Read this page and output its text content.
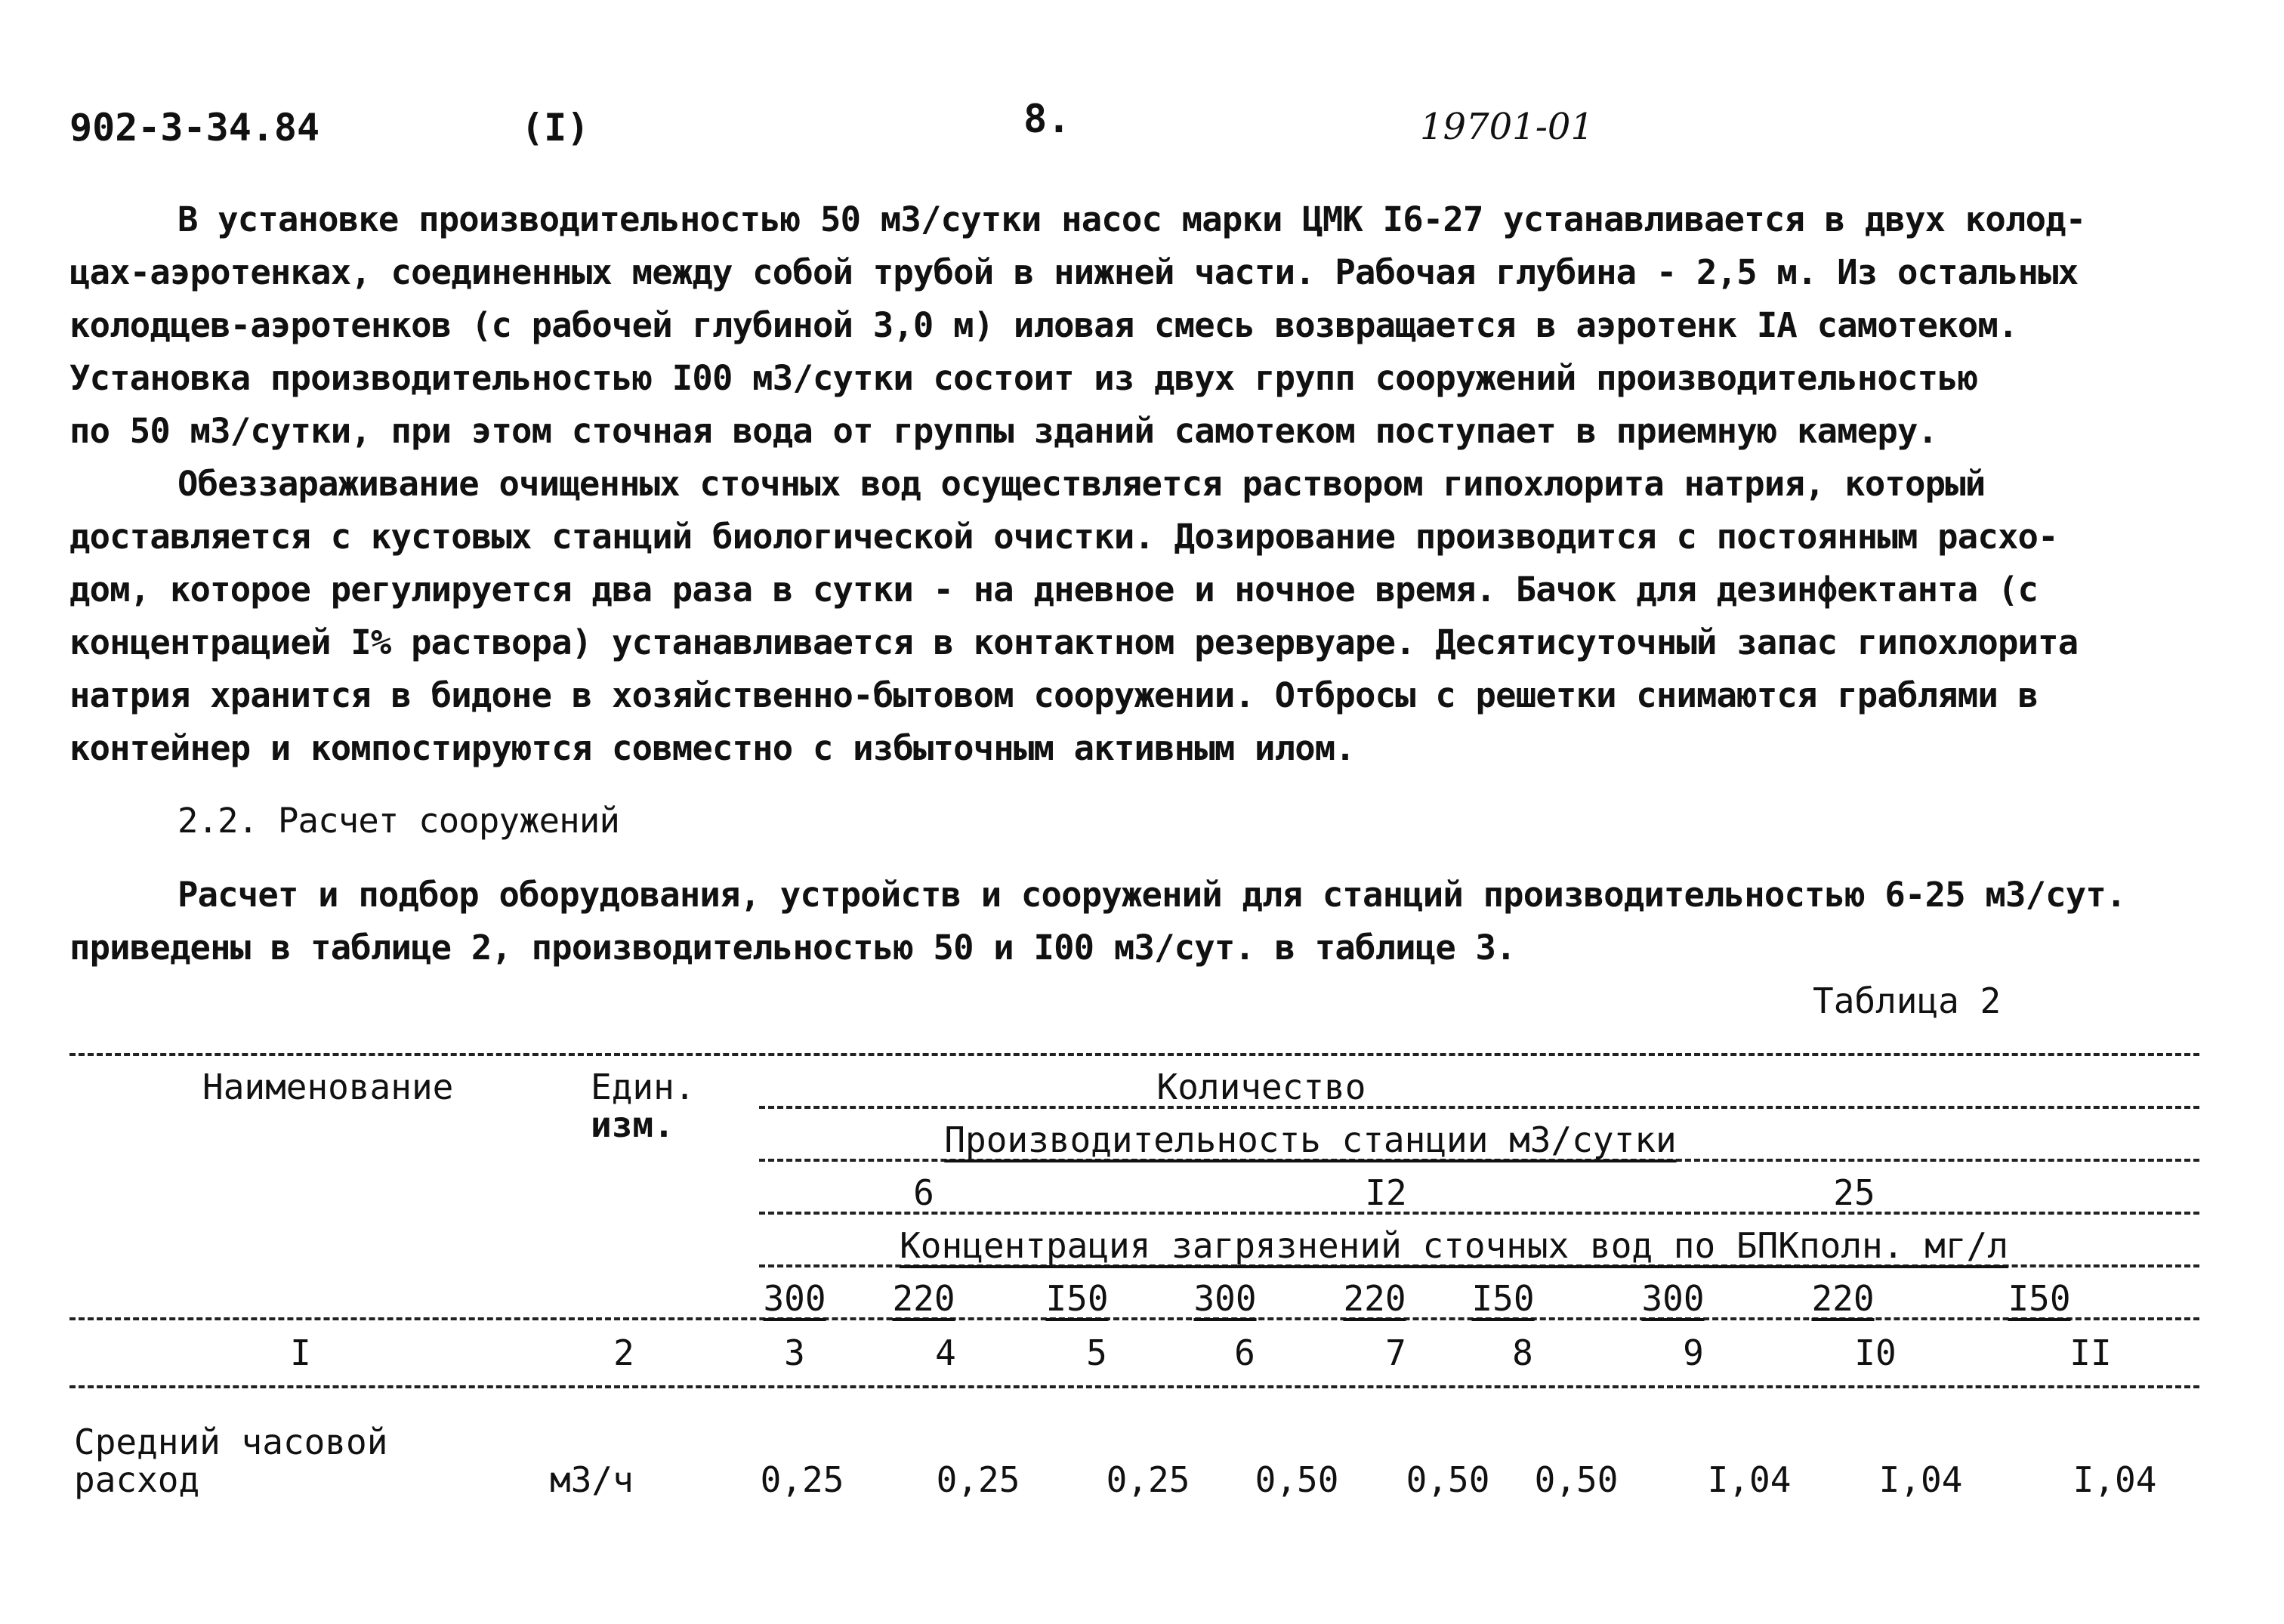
902-3-34.84	(I)	8.	19701-01
В установке производительностью 50 м3/сутки насос марки ЦМК I6-27 устанавливается в двух колод-
цах-аэротенках, соединенных между собой трубой в нижней части. Рабочая глубина - 2,5 м. Из остальных
колодцев-аэротенков (с рабочей глубиной 3,0 м) иловая смесь возвращается в аэротенк IA самотеком.
Установка производительностью I00 м3/сутки состоит из двух групп сооружений производительностью
по 50 м3/сутки, при этом сточная вода от группы зданий самотеком поступает в приемную камеру.
Обеззараживание очищенных сточных вод осуществляется раствором гипохлорита натрия, который
доставляется с кустовых станций биологической очистки. Дозирование производится с постоянным расхо-
дом, которое регулируется два раза в сутки - на дневное и ночное время. Бачок для дезинфектанта (с
концентрацией I% раствора) устанавливается в контактном резервуаре. Десятисуточный запас гипохлорита
натрия хранится в бидоне в хозяйственно-бытовом сооружении. Отбросы с решетки снимаются граблями в
контейнер и компостируются совместно с избыточным активным илом.
2.2. Расчет сооружений
Расчет и подбор оборудования, устройств и сооружений для станций производительностью 6-25 м3/сут.
приведены в таблице 2, производительностью 50 и I00 м3/сут. в таблице 3.
Таблица 2
Наименование	Един.
изм.
Количество
Производительность станции м3/сутки
6	I2	25
Концентрация загрязнений сточных вод по БПКполн. мг/л
300 220	I50 300 220 I50	300	220	I50
I	2	3	4	5	6	7	8	9	I0	II
Средний часовой
расход	м3/ч	0,25	0,25 0,25 0,50 0,50 0,50	I,04	I,04	I,04
